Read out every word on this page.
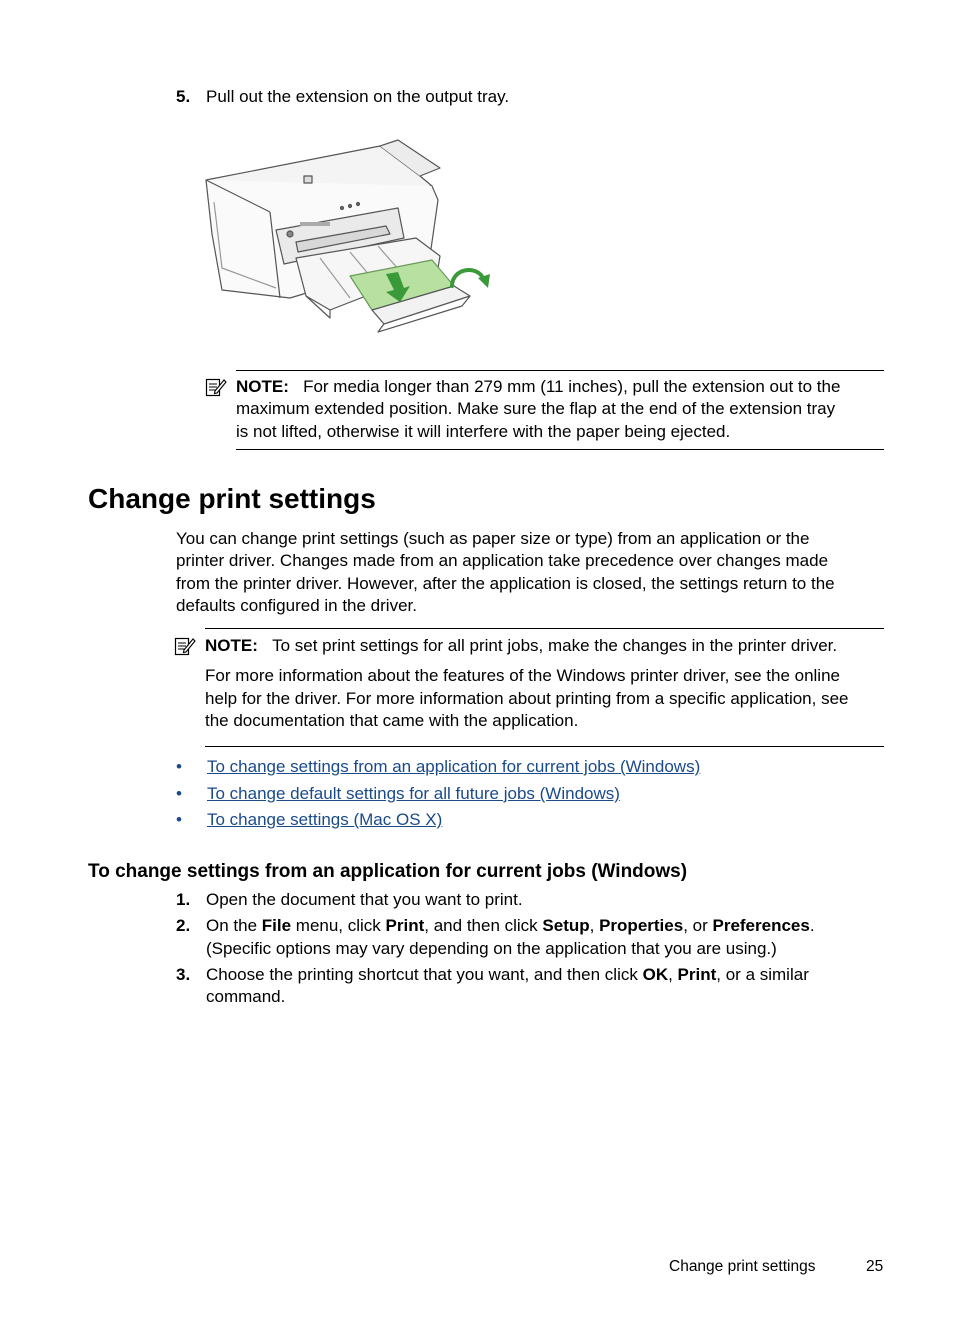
5. Pull out the extension on the output tray.
NOTE: For media longer than 279 mm (11 inches), pull the extension out to the
maximum extended position. Make sure the flap at the end of the extension tray
is not lifted, otherwise it will interfere with the paper being ejected.
Change print settings
You can change print settings (such as paper size or type) from an application or the
printer driver. Changes made from an application take precedence over changes made
from the printer driver. However, after the application is closed, the settings return to the
defaults configured in the driver.
NOTE: To set print settings for all print jobs, make the changes in the printer driver.
For more information about the features of the Windows printer driver, see the online
help for the driver. For more information about printing from a specific application, see
the documentation that came with the application.
• To change settings from an application for current jobs (Windows)
• To change default settings for all future jobs (Windows)
• To change settings (Mac OS X)
To change settings from an application for current jobs (Windows)
1. Open the document that you want to print.
2. On the File menu, click Print, and then click Setup, Properties, or Preferences.
(Specific options may vary depending on the application that you are using.)
3. Choose the printing shortcut that you want, and then click OK, Print, or a similar
command.
Change print settings	25
